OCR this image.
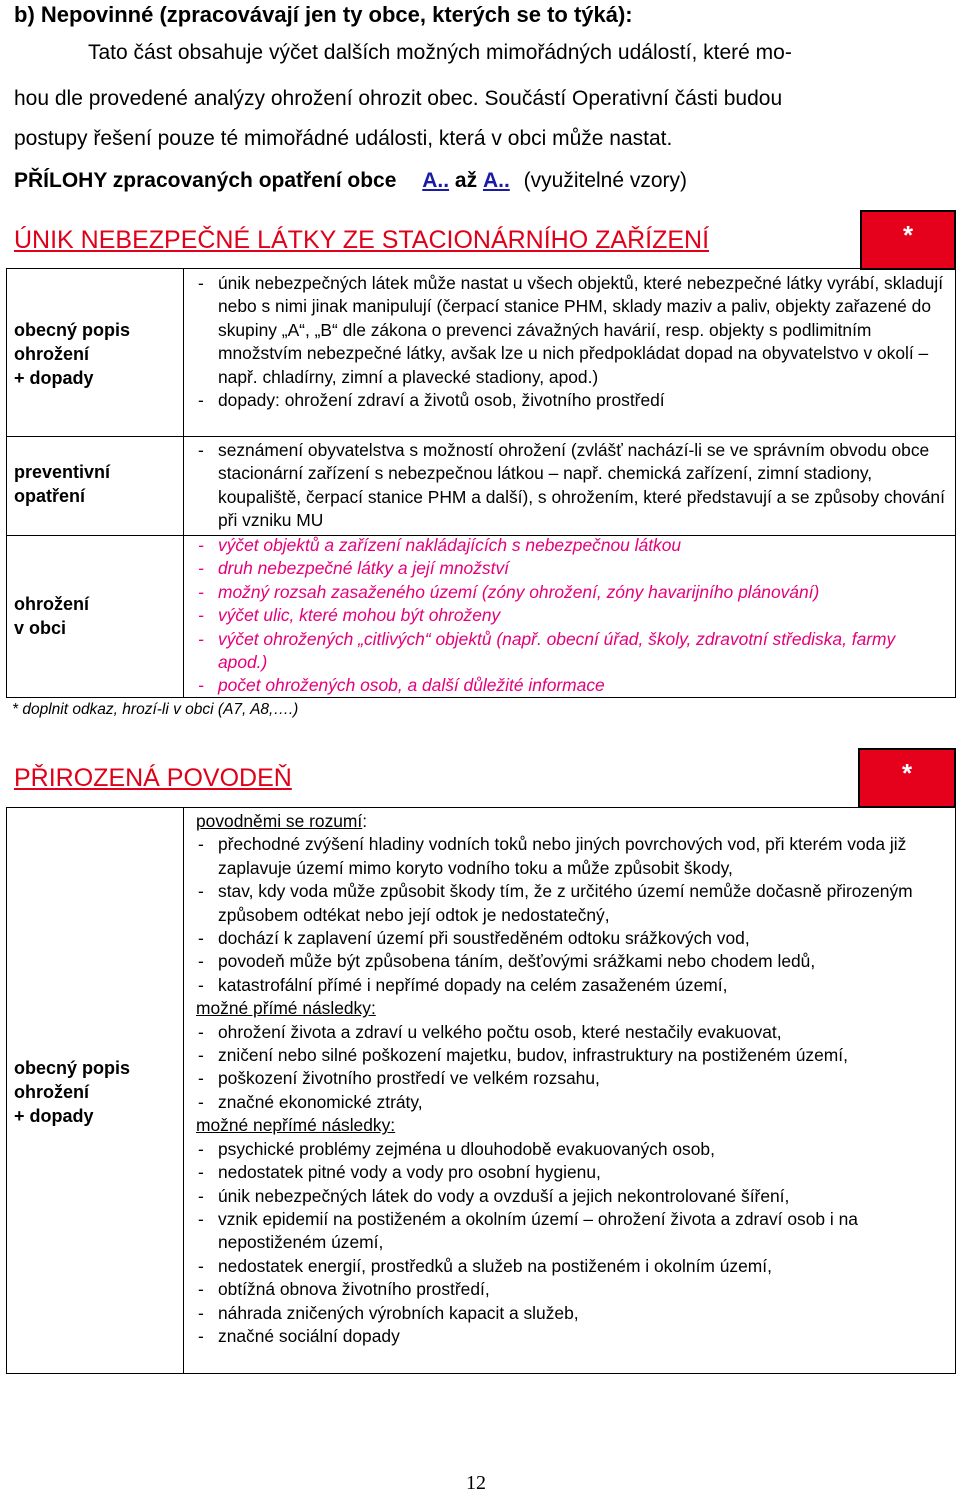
b) Nepovinné (zpracovávají jen ty obce, kterých se to týká):
Tato část obsahuje výčet dalších možných mimořádných událostí, které mo-
hou dle provedené analýzy ohrožení ohrozit obec. Součástí Operativní části budou
postupy řešení pouze té mimořádné události, která v obci může nastat.
PŘÍLOHY zpracovaných opatření obce A.. až A.. (využitelné vzory)
ÚNIK NEBEZPEČNÉ LÁTKY ZE STACIONÁRNÍHO ZAŘÍZENÍ	*
obecný popis
ohrožení
+ dopady
preventivní
opatření
ohrožení
v obci
- únik nebezpečných látek může nastat u všech objektů, které nebezpečné látky vyrábí, skladují nebo s nimi jinak manipulují (čerpací stanice PHM, sklady maziv a paliv, objekty zařazené do skupiny „A“, „B“ dle zákona o prevenci závažných havárií, resp. objekty s podlimitním množstvím nebezpečné látky, avšak lze u nich předpokládat dopad na obyvatelstvo v okolí – např. chladírny, zimní a plavecké stadiony, apod.)
- dopady: ohrožení zdraví a životů osob, životního prostředí
- seznámení obyvatelstva s možností ohrožení (zvlášť nachází-li se ve správním obvodu obce stacionární zařízení s nebezpečnou látkou – např. chemická zařízení, zimní stadiony, koupaliště, čerpací stanice PHM a další), s ohrožením, které představují a se způsoby chování při vzniku MU
- výčet objektů a zařízení nakládajících s nebezpečnou látkou
- druh nebezpečné látky a její množství
- možný rozsah zasaženého území (zóny ohrožení, zóny havarijního plánování)
- výčet ulic, které mohou být ohroženy
- výčet ohrožených „citlivých“ objektů (např. obecní úřad, školy, zdravotní střediska, farmy apod.)
- počet ohrožených osob, a další důležité informace
* doplnit odkaz, hrozí-li v obci (A7, A8,….)
PŘIROZENÁ POVODEŇ	*
obecný popis
ohrožení
+ dopady
povodněmi se rozumí:
- přechodné zvýšení hladiny vodních toků nebo jiných povrchových vod, při kterém voda již zaplavuje území mimo koryto vodního toku a může způsobit škody,
- stav, kdy voda může způsobit škody tím, že z určitého území nemůže dočasně přirozeným způsobem odtékat nebo její odtok je nedostatečný,
- dochází k zaplavení území při soustředěném odtoku srážkových vod,
- povodeň může být způsobena táním, dešťovými srážkami nebo chodem ledů,
- katastrofální přímé i nepřímé dopady na celém zasaženém území,
možné přímé následky:
- ohrožení života a zdraví u velkého počtu osob, které nestačily evakuovat,
- zničení nebo silné poškození majetku, budov, infrastruktury na postiženém území,
- poškození životního prostředí ve velkém rozsahu,
- značné ekonomické ztráty,
možné nepřímé následky:
- psychické problémy zejména u dlouhodobě evakuovaných osob,
- nedostatek pitné vody a vody pro osobní hygienu,
- únik nebezpečných látek do vody a ovzduší a jejich nekontrolované šíření,
- vznik epidemií na postiženém a okolním území – ohrožení života a zdraví osob i na nepostiženém území,
- nedostatek energií, prostředků a služeb na postiženém i okolním území,
- obtížná obnova životního prostředí,
- náhrada zničených výrobních kapacit a služeb,
- značné sociální dopady
12
